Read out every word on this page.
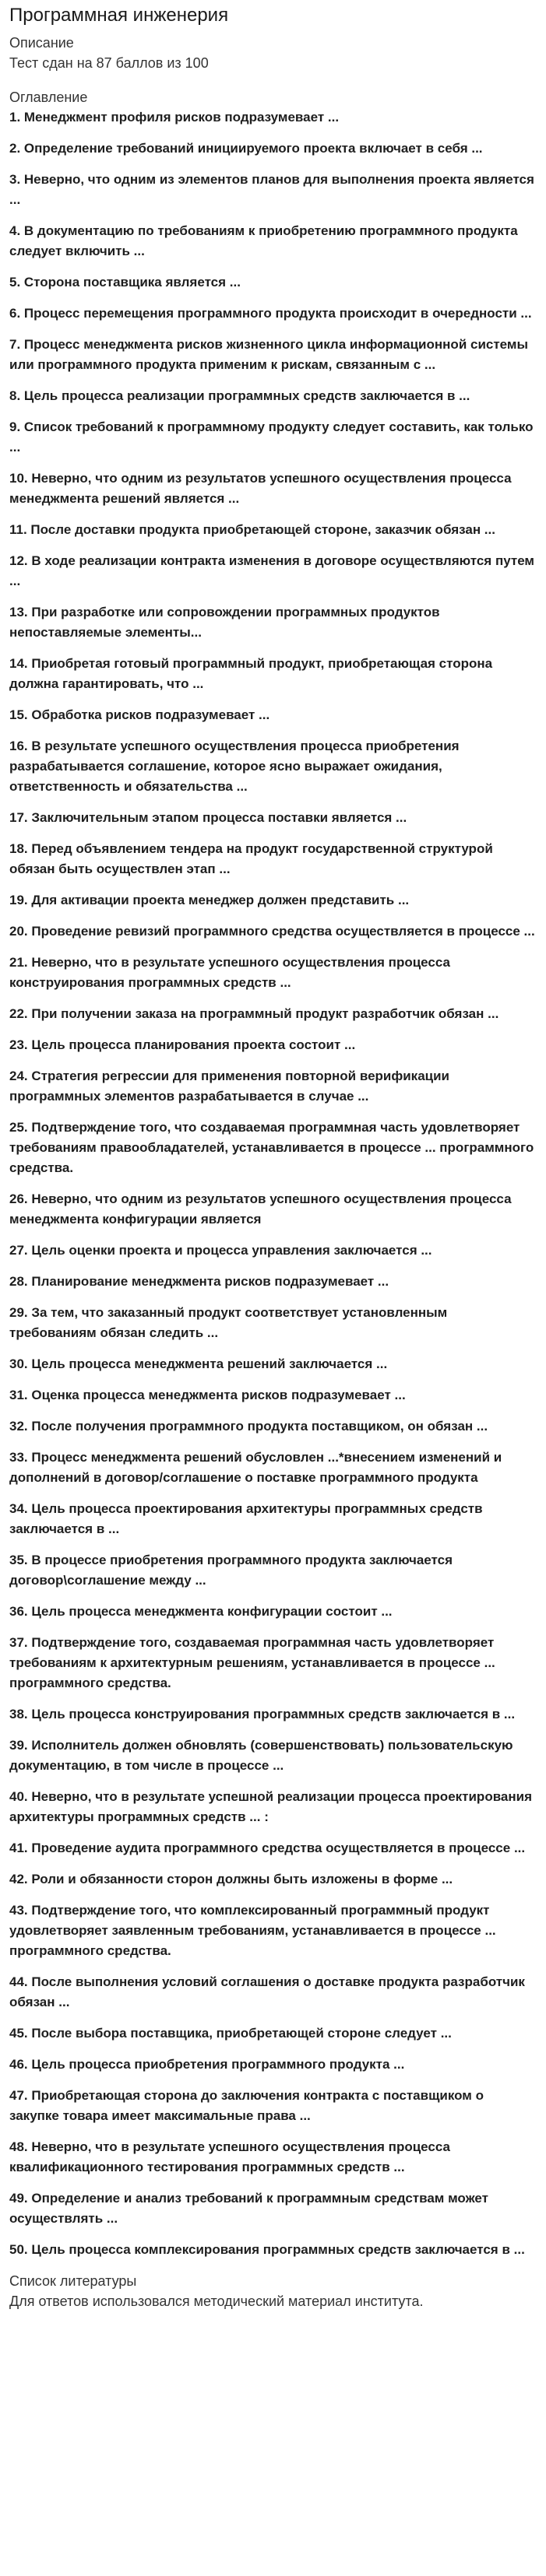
Программная инженерия

Описание

Тест сдан на 87 баллов из 100

Оглавление

1. Менеджмент профиля рисков подразумевает ...
2. Определение требований инициируемого проекта включает в себя ...
3. Неверно, что одним из элементов планов для выполнения проекта является ...
4. В документацию по требованиям к приобретению программного продукта следует включить ...
5. Сторона поставщика является ...
6. Процесс перемещения программного продукта происходит в очередности ...
7. Процесс менеджмента рисков жизненного цикла информационной системы или программного продукта применим к рискам, связанным с ...
8. Цель процесса реализации программных средств заключается в ...
9. Список требований к программному продукту следует составить, как только ...
10. Неверно, что одним из результатов успешного осуществления процесса менеджмента решений является ...
11. После доставки продукта приобретающей стороне, заказчик обязан ...
12. В ходе реализации контракта изменения в договоре осуществляются путем ...
13. При разработке или сопровождении программных продуктов непоставляемые элементы...
14. Приобретая готовый программный продукт, приобретающая сторона должна гарантировать, что ...
15. Обработка рисков подразумевает ...
16. В результате успешного осуществления процесса приобретения разрабатывается соглашение, которое ясно выражает ожидания, ответственность и обязательства ...
17. Заключительным этапом процесса поставки является ...
18. Перед объявлением тендера на продукт государственной структурой обязан быть осуществлен этап ...
19. Для активации проекта менеджер должен представить ...
20. Проведение ревизий программного средства осуществляется в процессе ...
21. Неверно, что в результате успешного осуществления процесса конструирования программных средств ...
22. При получении заказа на программный продукт разработчик обязан ...
23. Цель процесса планирования проекта состоит ...
24. Стратегия регрессии для применения повторной верификации программных элементов разрабатывается в случае ...
25. Подтверждение того, что создаваемая программная часть удовлетворяет требованиям правообладателей, устанавливается в процессе ... программного средства.
26. Неверно, что одним из результатов успешного осуществления процесса менеджмента конфигурации является
27. Цель оценки проекта и процесса управления заключается ...
28. Планирование менеджмента рисков подразумевает ...
29. За тем, что заказанный продукт соответствует установленным требованиям обязан следить ...
30. Цель процесса менеджмента решений заключается ...
31. Оценка процесса менеджмента рисков подразумевает ...
32. После получения программного продукта поставщиком, он обязан ...
33. Процесс менеджмента решений обусловлен ...*внесением изменений и дополнений в договор/соглашение о поставке программного продукта
34. Цель процесса проектирования архитектуры программных средств заключается в ...
35. В процессе приобретения программного продукта заключается договор\соглашение между ...
36. Цель процесса менеджмента конфигурации состоит ...
37. Подтверждение того, создаваемая программная часть удовлетворяет требованиям к архитектурным решениям, устанавливается в процессе ... программного средства.
38. Цель процесса конструирования программных средств заключается в ...
39. Исполнитель должен обновлять (совершенствовать) пользовательскую документацию, в том числе в процессе ...
40. Неверно, что в результате успешной реализации процесса проектирования архитектуры программных средств ... :
41. Проведение аудита программного средства осуществляется в процессе ...
42. Роли и обязанности сторон должны быть изложены в форме ...
43. Подтверждение того, что комплексированный программный продукт удовлетворяет заявленным требованиям, устанавливается в процессе ... программного средства.
44. После выполнения условий соглашения о доставке продукта разработчик обязан ...
45. После выбора поставщика, приобретающей стороне следует ...
46. Цель процесса приобретения программного продукта ...
47. Приобретающая сторона до заключения контракта с поставщиком о закупке товара имеет максимальные права ...
48. Неверно, что в результате успешного осуществления процесса квалификационного тестирования программных средств ...
49. Определение и анализ требований к программным средствам может осуществлять ...
50. Цель процесса комплексирования программных средств заключается в ...

Список литературы

Для ответов использовался методический материал института.
